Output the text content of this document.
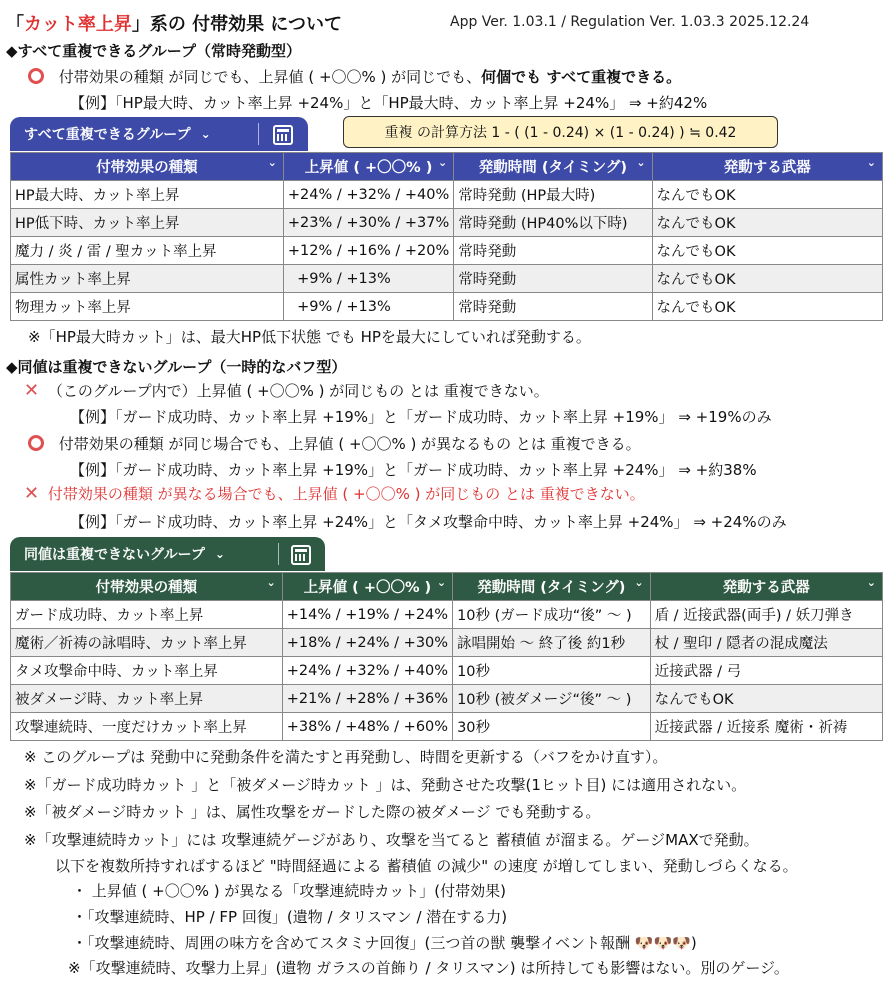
「カット率上昇」系の 付帯効果 について	App Ver. 1.03.1 / Regulation Ver. 1.03.3 2025.12.24
◆すべて重複できるグループ（常時発動型）
付帯効果の種類 が同じでも、上昇値 ( +〇〇% ) が同じでも、何個でも すべて重複できる。
【例】「HP最大時、カット率上昇 +24%」と「HP最大時、カット率上昇 +24%」 ⇒ +約42%
すべて重複できるグループ ⌄	重複 の計算方法 1 - ( (1 - 0.24) × (1 - 0.24) ) ≒ 0.42
付帯効果の種類 ⌄	上昇値 ( +〇〇% ) ⌄	発動時間 (タイミング) ⌄	発動する武器 ⌄

HP最大時、カット率上昇	+24% / +32% / +40%	常時発動 (HP最大時)	なんでもOK
HP低下時、カット率上昇	+23% / +30% / +37%	常時発動 (HP40%以下時)	なんでもOK
魔力 / 炎 / 雷 / 聖カット率上昇	+12% / +16% / +20%	常時発動	なんでもOK
属性カット率上昇	+9% / +13%	常時発動	なんでもOK
物理カット率上昇	+9% / +13%	常時発動	なんでもOK
※「HP最大時カット」は、最大HP低下状態 でも HPを最大にしていれば発動する。
◆同値は重複できないグループ（一時的なバフ型）
✕ （このグループ内で）上昇値 ( +〇〇% ) が同じもの とは 重複できない。
【例】「ガード成功時、カット率上昇 +19%」と「ガード成功時、カット率上昇 +19%」 ⇒ +19%のみ
付帯効果の種類 が同じ場合でも、上昇値 ( +〇〇% ) が異なるもの とは 重複できる。
【例】「ガード成功時、カット率上昇 +19%」と「ガード成功時、カット率上昇 +24%」 ⇒ +約38%
✕ 付帯効果の種類 が異なる場合でも、上昇値 ( +〇〇% ) が同じもの とは 重複できない。
【例】「ガード成功時、カット率上昇 +24%」と「タメ攻撃命中時、カット率上昇 +24%」 ⇒ +24%のみ
同値は重複できないグループ ⌄
付帯効果の種類 ⌄	上昇値 ( +〇〇% ) ⌄	発動時間 (タイミング) ⌄	発動する武器 ⌄

ガード成功時、カット率上昇	+14% / +19% / +24%	10秒 (ガード成功“後” 〜 )	盾 / 近接武器(両手) / 妖刀弾き
魔術／祈祷の詠唱時、カット率上昇	+18% / +24% / +30%	詠唱開始 〜 終了後 約1秒	杖 / 聖印 / 隠者の混成魔法
タメ攻撃命中時、カット率上昇	+24% / +32% / +40%	10秒	近接武器 / 弓
被ダメージ時、カット率上昇	+21% / +28% / +36%	10秒 (被ダメージ“後” 〜 )	なんでもOK
攻撃連続時、一度だけカット率上昇	+38% / +48% / +60%	30秒	近接武器 / 近接系 魔術・祈祷
※ このグループは 発動中に発動条件を満たすと再発動し、時間を更新する（バフをかけ直す）。
※「ガード成功時カット 」と「被ダメージ時カット 」は、発動させた攻撃(1ヒット目) には適用されない。
※「被ダメージ時カット 」は、属性攻撃をガードした際の被ダメージ でも発動する。
※「攻撃連続時カット」には 攻撃連続ゲージがあり、攻撃を当てると 蓄積値 が溜まる。ゲージMAXで発動。
以下を複数所持すればするほど "時間経過による 蓄積値 の減少" の速度 が増してしまい、発動しづらくなる。
・ 上昇値 ( +〇〇% ) が異なる「攻撃連続時カット」(付帯効果)
・「攻撃連続時、HP / FP 回復」(遺物 / タリスマン / 潜在する力)
・「攻撃連続時、周囲の味方を含めてスタミナ回復」(三つ首の獣 襲撃イベント報酬 🐶🐶🐶)
※「攻撃連続時、攻撃力上昇」(遺物 ガラスの首飾り / タリスマン) は所持しても影響はない。別のゲージ。
